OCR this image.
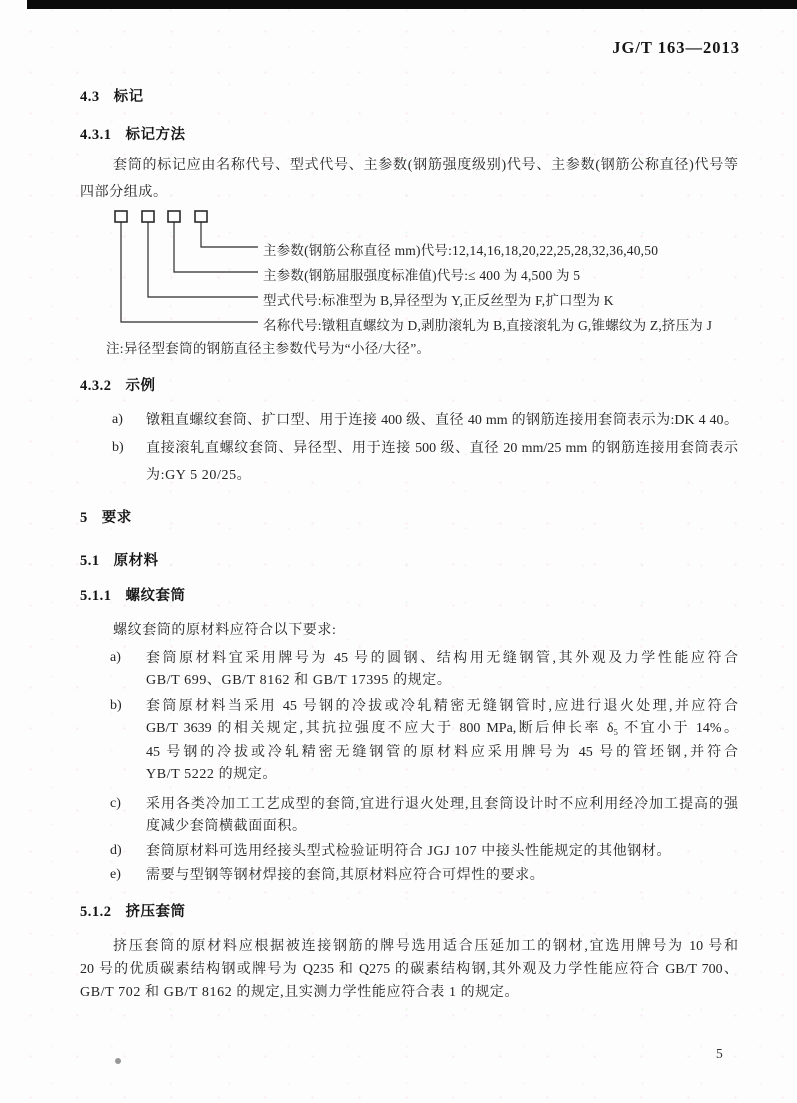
JG/T 163—2013
4.3 标记
4.3.1 标记方法
套筒的标记应由名称代号、型式代号、主参数(钢筋强度级别)代号、主参数(钢筋公称直径)代号等
四部分组成。
主参数(钢筋公称直径 mm)代号:12,14,16,18,20,22,25,28,32,36,40,50
主参数(钢筋屈服强度标准值)代号:≤ 400 为 4,500 为 5
型式代号:标准型为 B,异径型为 Y,正反丝型为 F,扩口型为 K
名称代号:镦粗直螺纹为 D,剥肋滚轧为 B,直接滚轧为 G,锥螺纹为 Z,挤压为 J
注:异径型套筒的钢筋直径主参数代号为“小径/大径”。
4.3.2 示例
a) 镦粗直螺纹套筒、扩口型、用于连接 400 级、直径 40 mm 的钢筋连接用套筒表示为:DK 4 40。
b) 直接滚轧直螺纹套筒、异径型、用于连接 500 级、直径 20 mm/25 mm 的钢筋连接用套筒表示
为:GY 5 20/25。
5 要求
5.1 原材料
5.1.1 螺纹套筒
螺纹套筒的原材料应符合以下要求:
a) 套筒原材料宜采用牌号为 45 号的圆钢、结构用无缝钢管,其外观及力学性能应符合
GB/T 699、GB/T 8162 和 GB/T 17395 的规定。
b) 套筒原材料当采用 45 号钢的冷拔或冷轧精密无缝钢管时,应进行退火处理,并应符合
GB/T 3639 的相关规定,其抗拉强度不应大于 800 MPa,断后伸长率 δ₅ 不宜小于 14%。
45 号钢的冷拔或冷轧精密无缝钢管的原材料应采用牌号为 45 号的管坯钢,并符合
YB/T 5222 的规定。
c) 采用各类冷加工工艺成型的套筒,宜进行退火处理,且套筒设计时不应利用经冷加工提高的强
度减少套筒横截面面积。
d) 套筒原材料可选用经接头型式检验证明符合 JGJ 107 中接头性能规定的其他钢材。
e) 需要与型钢等钢材焊接的套筒,其原材料应符合可焊性的要求。
5.1.2 挤压套筒
挤压套筒的原材料应根据被连接钢筋的牌号选用适合压延加工的钢材,宜选用牌号为 10 号和
20 号的优质碳素结构钢或牌号为 Q235 和 Q275 的碳素结构钢,其外观及力学性能应符合 GB/T 700、
GB/T 702 和 GB/T 8162 的规定,且实测力学性能应符合表 1 的规定。
5
